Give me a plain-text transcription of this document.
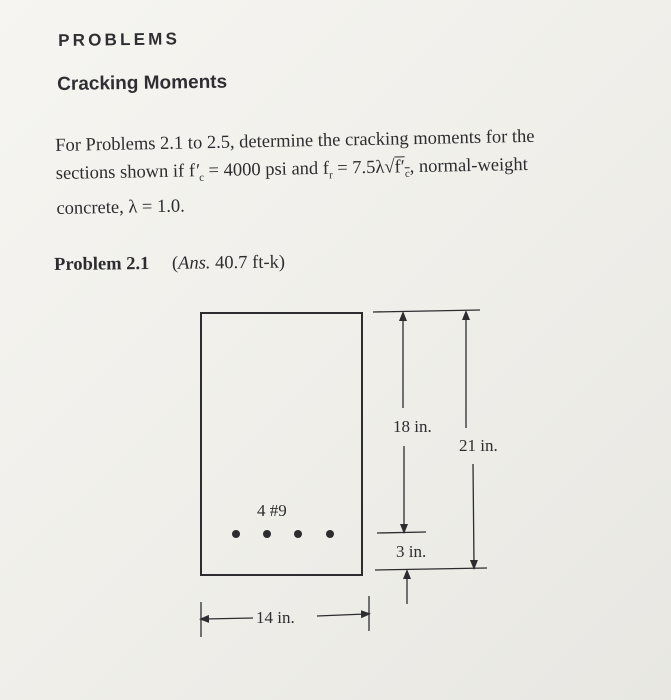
PROBLEMS
Cracking Moments
For Problems 2.1 to 2.5, determine the cracking moments for the
sections shown if $f'_c = 4000$ psi and $f_r = 7.5\lambda√f'_c$, normal-weight
concrete, λ = 1.0.
Problem 2.1 (Ans. 40.7 ft-k)
4 #9
14 in.
18 in.
21 in.
3 in.
